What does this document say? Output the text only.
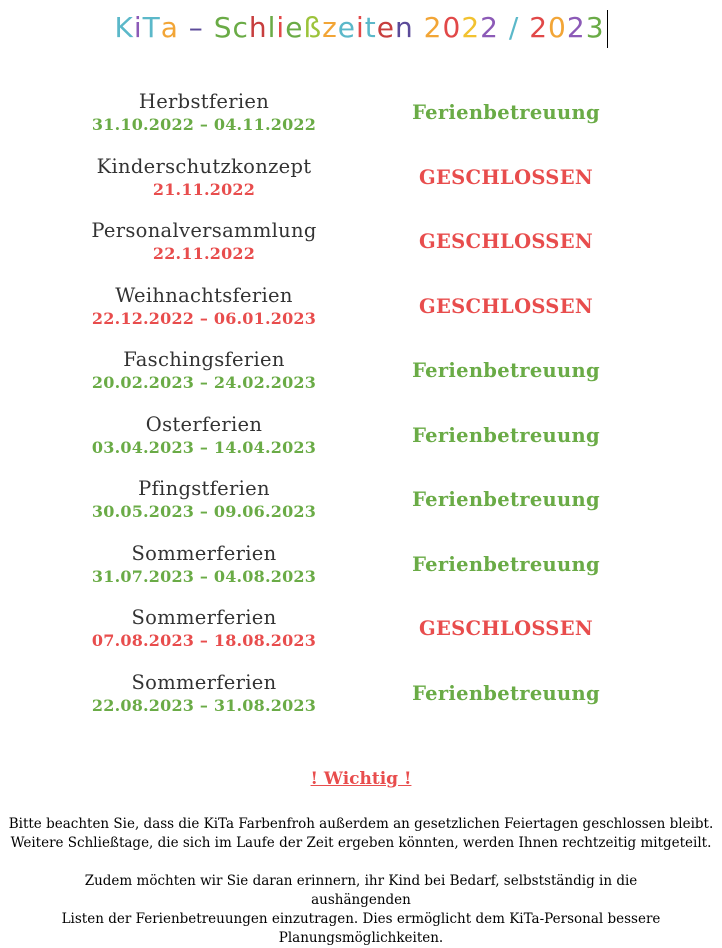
KiTa – Schließzeiten 2022 / 2023
Herbstferien
31.10.2022 – 04.11.2022
Ferienbetreuung
Kinderschutzkonzept
21.11.2022
GESCHLOSSEN
Personalversammlung
22.11.2022
GESCHLOSSEN
Weihnachtsferien
22.12.2022 – 06.01.2023
GESCHLOSSEN
Faschingsferien
20.02.2023 – 24.02.2023
Ferienbetreuung
Osterferien
03.04.2023 – 14.04.2023
Ferienbetreuung
Pfingstferien
30.05.2023 – 09.06.2023
Ferienbetreuung
Sommerferien
31.07.2023 – 04.08.2023
Ferienbetreuung
Sommerferien
07.08.2023 – 18.08.2023
GESCHLOSSEN
Sommerferien
22.08.2023 – 31.08.2023
Ferienbetreuung
! Wichtig !
Bitte beachten Sie, dass die KiTa Farbenfroh außerdem an gesetzlichen Feiertagen geschlossen bleibt.
Weitere Schließtage, die sich im Laufe der Zeit ergeben könnten, werden Ihnen rechtzeitig mitgeteilt.
Zudem möchten wir Sie daran erinnern, ihr Kind bei Bedarf, selbstständig in die aushängenden
Listen der Ferienbetreuungen einzutragen. Dies ermöglicht dem KiTa-Personal bessere
Planungsmöglichkeiten.
